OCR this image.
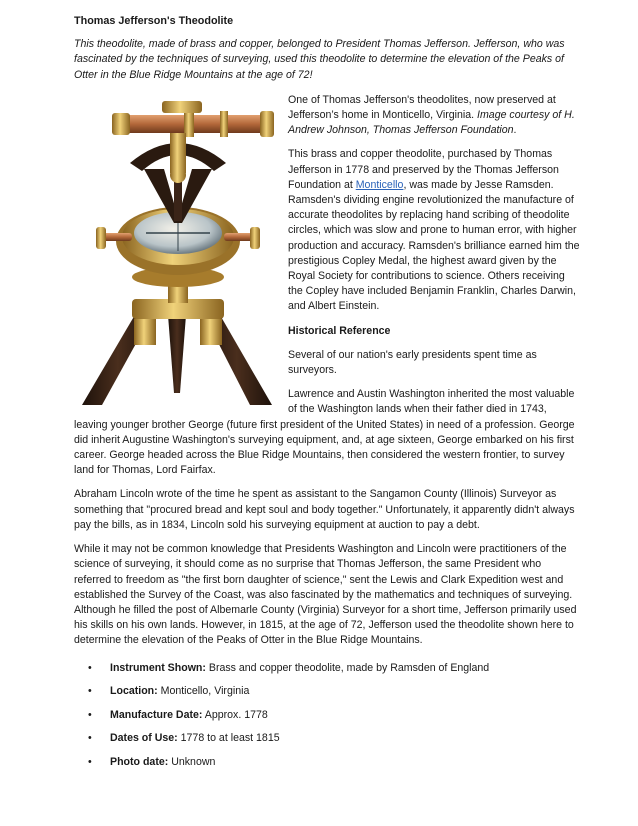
Thomas Jefferson's Theodolite
This theodolite, made of brass and copper, belonged to President Thomas Jefferson. Jefferson, who was fascinated by the techniques of surveying, used this theodolite to determine the elevation of the Peaks of Otter in the Blue Ridge Mountains at the age of 72!

One of Thomas Jefferson's theodolites, now preserved at Jefferson’s home in Monticello, Virginia. Image courtesy of H. Andrew Johnson, Thomas Jefferson Foundation.

This brass and copper theodolite, purchased by Thomas Jefferson in 1778 and preserved by the Thomas Jefferson Foundation at Monticello, was made by Jesse Ramsden. Ramsden's dividing engine revolutionized the manufacture of accurate theodolites by replacing hand scribing of theodolite circles, which was slow and prone to human error, with higher production and accuracy. Ramsden's brilliance earned him the prestigious Copley Medal, the highest award given by the Royal Society for contributions to science. Others receiving the Copley have included Benjamin Franklin, Charles Darwin, and Albert Einstein.

Historical Reference

Several of our nation's early presidents spent time as surveyors.

Lawrence and Austin Washington inherited the most valuable of the Washington lands when their father died in 1743, leaving younger brother George (future first president of the United States) in need of a profession. George did inherit Augustine Washington's surveying equipment, and, at age sixteen, George embarked on his first career. George headed across the Blue Ridge Mountains, then considered the western frontier, to survey land for Thomas, Lord Fairfax.

Abraham Lincoln wrote of the time he spent as assistant to the Sangamon County (Illinois) Surveyor as something that "procured bread and kept soul and body together." Unfortunately, it apparently didn't always pay the bills, as in 1834, Lincoln sold his surveying equipment at auction to pay a debt.

While it may not be common knowledge that Presidents Washington and Lincoln were practitioners of the science of surveying, it should come as no surprise that Thomas Jefferson, the same President who referred to freedom as "the first born daughter of science," sent the Lewis and Clark Expedition west and established the Survey of the Coast, was also fascinated by the mathematics and techniques of surveying. Although he filled the post of Albemarle County (Virginia) Surveyor for a short time, Jefferson primarily used his skills on his own lands. However, in 1815, at the age of 72, Jefferson used the theodolite shown here to determine the elevation of the Peaks of Otter in the Blue Ridge Mountains.

• Instrument Shown: Brass and copper theodolite, made by Ramsden of England
• Location: Monticello, Virginia
• Manufacture Date: Approx. 1778
• Dates of Use: 1778 to at least 1815
• Photo date: Unknown
